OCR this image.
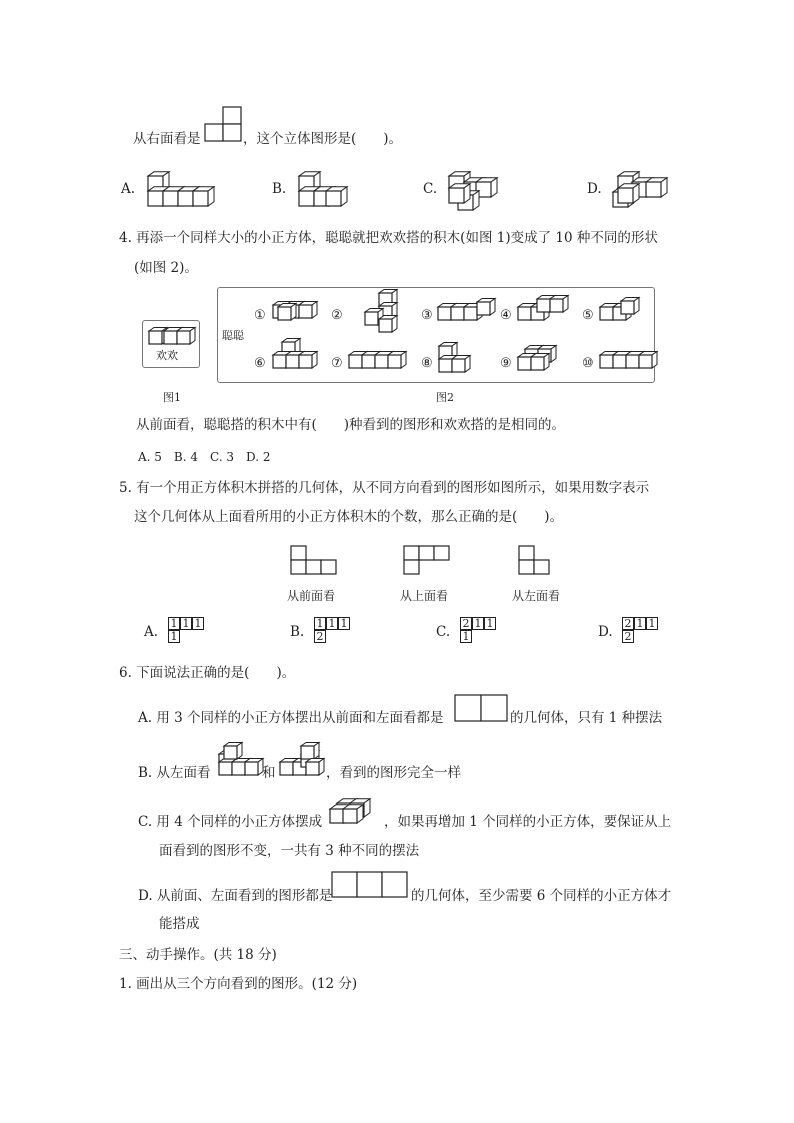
从右面看是	，这个立体图形是(　　)。
A.	B.	C.	D.
4. 再添一个同样大小的小正方体，聪聪就把欢欢搭的积木(如图 1)变成了 10 种不同的形状
(如图 2)。
欢欢
图1
聪聪
①	②	③	④	⑤
⑥	⑦	⑧	⑨	⑩
图2
从前面看，聪聪搭的积木中有(　　)种看到的图形和欢欢搭的是相同的。
A. 5　B. 4　C. 3　D. 2
5. 有一个用正方体积木拼搭的几何体，从不同方向看到的图形如图所示，如果用数字表示
这个几何体从上面看所用的小正方体积木的个数，那么正确的是(　　)。
从前面看	从上面看	从左面看
A.
1 1 1
1	B.
1 1 1
2	C.
2 1 1
1	D.
2 1 1
2
6. 下面说法正确的是(　　)。
A. 用 3 个同样的小正方体摆出从前面和左面看都是	的几何体，只有 1 种摆法
B. 从左面看	和	，看到的图形完全一样
C. 用 4 个同样的小正方体摆成	，如果再增加 1 个同样的小正方体，要保证从上
面看到的图形不变，一共有 3 种不同的摆法
D. 从前面、左面看到的图形都是	的几何体，至少需要 6 个同样的小正方体才
能搭成
三、动手操作。(共 18 分)
1. 画出从三个方向看到的图形。(12 分)
